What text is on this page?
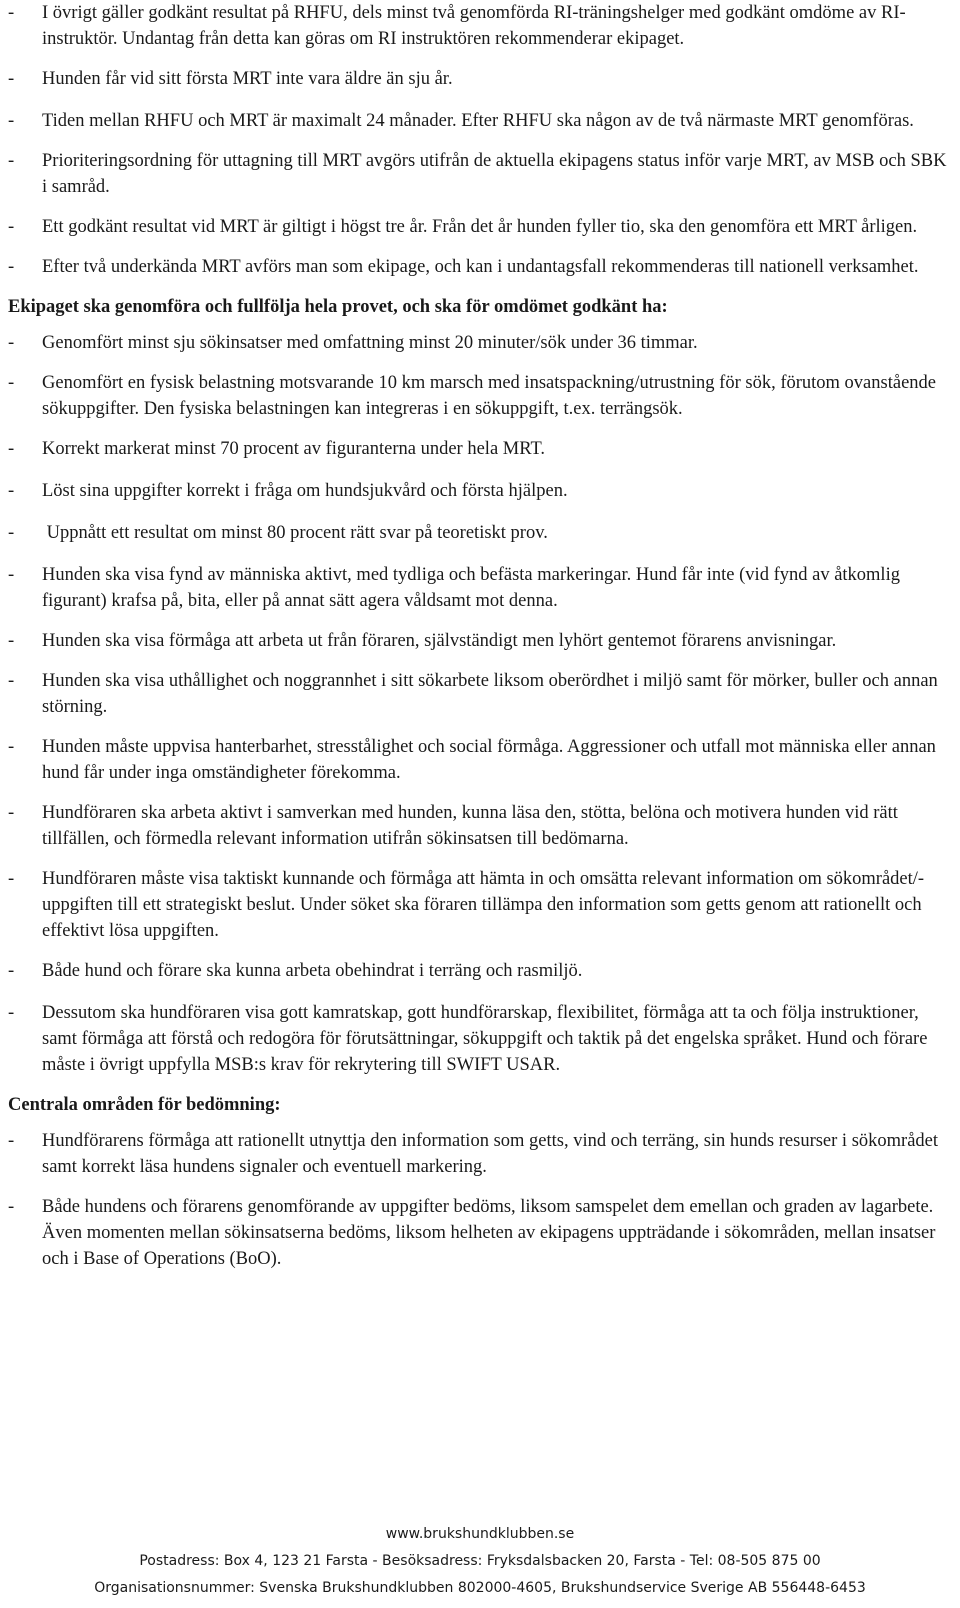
- I övrigt gäller godkänt resultat på RHFU, dels minst två genomförda RI-träningshelger med godkänt omdöme av RI-instruktör. Undantag från detta kan göras om RI instruktören rekommenderar ekipaget.
- Hunden får vid sitt första MRT inte vara äldre än sju år.
- Tiden mellan RHFU och MRT är maximalt 24 månader. Efter RHFU ska någon av de två närmaste MRT genomföras.
- Prioriteringsordning för uttagning till MRT avgörs utifrån de aktuella ekipagens status inför varje MRT, av MSB och SBK i samråd.
- Ett godkänt resultat vid MRT är giltigt i högst tre år. Från det år hunden fyller tio, ska den genomföra ett MRT årligen.
- Efter två underkända MRT avförs man som ekipage, och kan i undantagsfall rekommenderas till nationell verksamhet.
Ekipaget ska genomföra och fullfölja hela provet, och ska för omdömet godkänt ha:
- Genomfört minst sju sökinsatser med omfattning minst 20 minuter/sök under 36 timmar.
- Genomfört en fysisk belastning motsvarande 10 km marsch med insatspackning/utrustning för sök, förutom ovanstående sökuppgifter. Den fysiska belastningen kan integreras i en sökuppgift, t.ex. terrängsök.
- Korrekt markerat minst 70 procent av figuranterna under hela MRT.
- Löst sina uppgifter korrekt i fråga om hundsjukvård och första hjälpen.
- Uppnått ett resultat om minst 80 procent rätt svar på teoretiskt prov.
- Hunden ska visa fynd av människa aktivt, med tydliga och befästa markeringar. Hund får inte (vid fynd av åtkomlig figurant) krafsa på, bita, eller på annat sätt agera våldsamt mot denna.
- Hunden ska visa förmåga att arbeta ut från föraren, självständigt men lyhört gentemot förarens anvisningar.
- Hunden ska visa uthållighet och noggrannhet i sitt sökarbete liksom oberördhet i miljö samt för mörker, buller och annan störning.
- Hunden måste uppvisa hanterbarhet, stresstålighet och social förmåga. Aggressioner och utfall mot människa eller annan hund får under inga omständigheter förekomma.
- Hundföraren ska arbeta aktivt i samverkan med hunden, kunna läsa den, stötta, belöna och motivera hunden vid rätt tillfällen, och förmedla relevant information utifrån sökinsatsen till bedömarna.
- Hundföraren måste visa taktiskt kunnande och förmåga att hämta in och omsätta relevant information om sökområdet/-uppgiften till ett strategiskt beslut. Under söket ska föraren tillämpa den information som getts genom att rationellt och effektivt lösa uppgiften.
- Både hund och förare ska kunna arbeta obehindrat i terräng och rasmiljö.
- Dessutom ska hundföraren visa gott kamratskap, gott hundförarskap, flexibilitet, förmåga att ta och följa instruktioner, samt förmåga att förstå och redogöra för förutsättningar, sökuppgift och taktik på det engelska språket. Hund och förare måste i övrigt uppfylla MSB:s krav för rekrytering till SWIFT USAR.
Centrala områden för bedömning:
- Hundförarens förmåga att rationellt utnyttja den information som getts, vind och terräng, sin hunds resurser i sökområdet samt korrekt läsa hundens signaler och eventuell markering.
- Både hundens och förarens genomförande av uppgifter bedöms, liksom samspelet dem emellan och graden av lagarbete. Även momenten mellan sökinsatserna bedöms, liksom helheten av ekipagens uppträdande i sökområden, mellan insatser och i Base of Operations (BoO).
www.brukshundklubben.se
Postadress: Box 4, 123 21 Farsta - Besöksadress: Fryksdalsbacken 20, Farsta - Tel: 08-505 875 00
Organisationsnummer: Svenska Brukshundklubben 802000-4605, Brukshundservice Sverige AB 556448-6453
